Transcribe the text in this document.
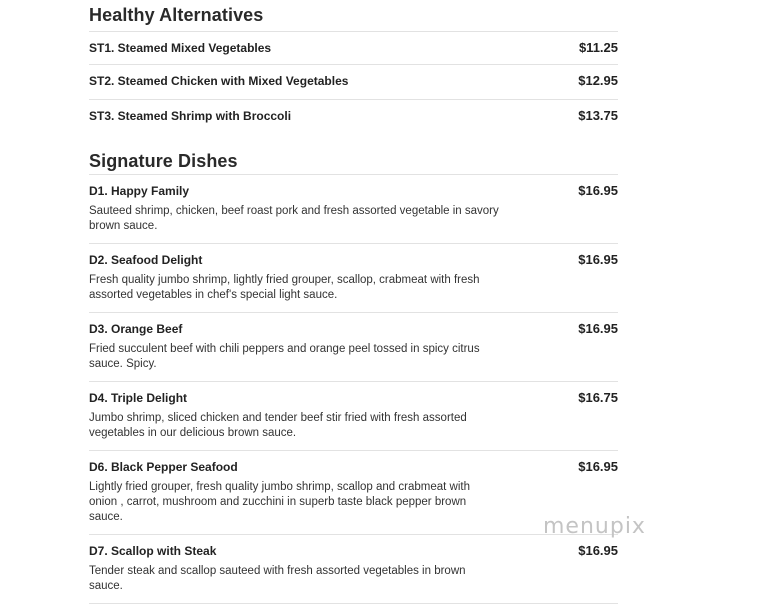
Healthy Alternatives
ST1. Steamed Mixed Vegetables	$11.25
ST2. Steamed Chicken with Mixed Vegetables	$12.95
ST3. Steamed Shrimp with Broccoli	$13.75
Signature Dishes
D1. Happy Family	$16.95
Sauteed shrimp, chicken, beef roast pork and fresh assorted vegetable in savory brown sauce.
D2. Seafood Delight	$16.95
Fresh quality jumbo shrimp, lightly fried grouper, scallop, crabmeat with fresh assorted vegetables in chef's special light sauce.
D3. Orange Beef	$16.95
Fried succulent beef with chili peppers and orange peel tossed in spicy citrus sauce. Spicy.
D4. Triple Delight	$16.75
Jumbo shrimp, sliced chicken and tender beef stir fried with fresh assorted vegetables in our delicious brown sauce.
D6. Black Pepper Seafood	$16.95
Lightly fried grouper, fresh quality jumbo shrimp, scallop and crabmeat with onion , carrot, mushroom and zucchini in superb taste black pepper brown sauce.
D7. Scallop with Steak	$16.95
Tender steak and scallop sauteed with fresh assorted vegetables in brown sauce.
menupix
